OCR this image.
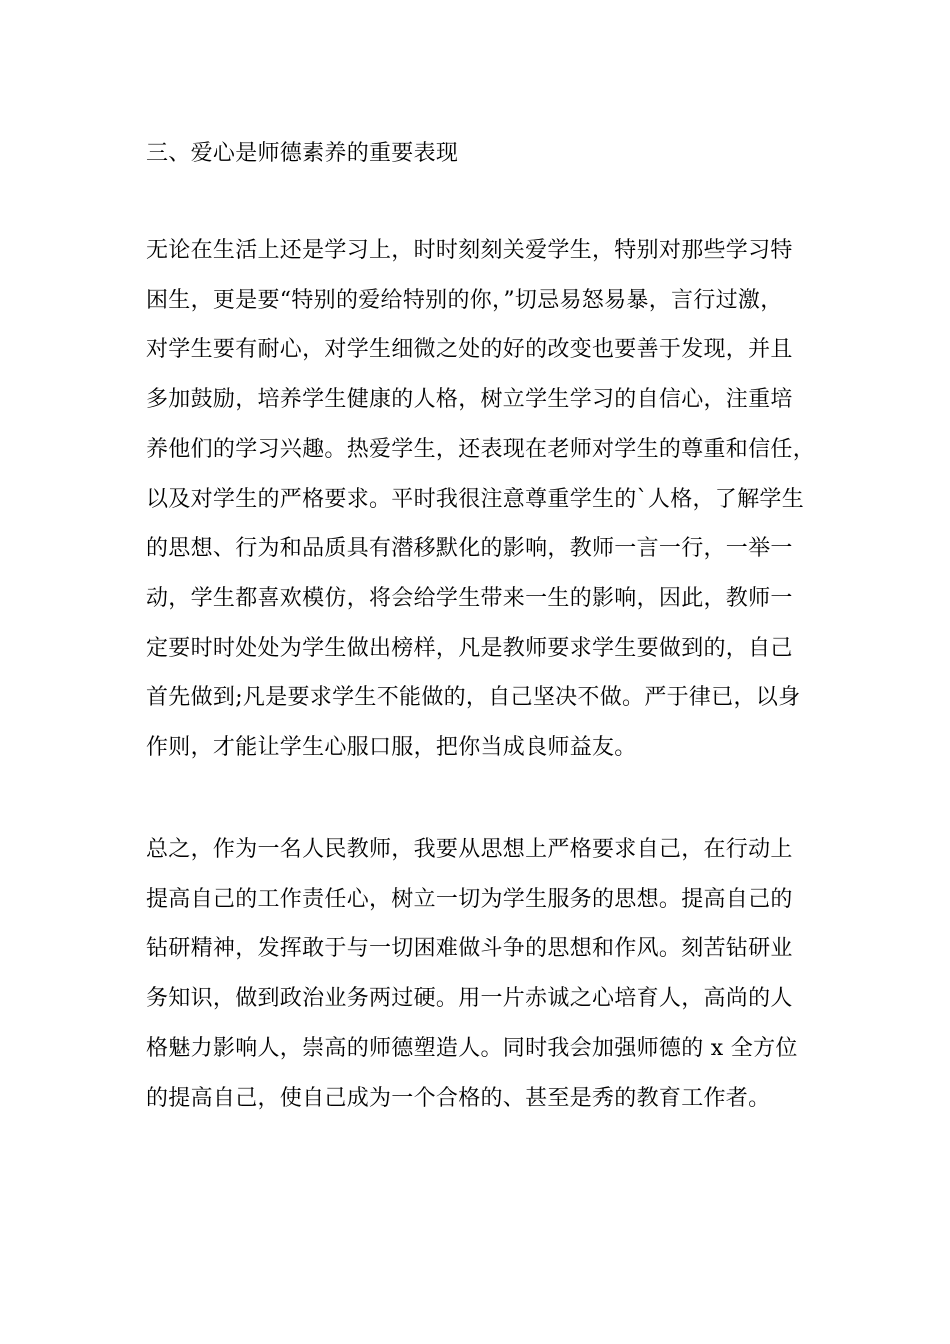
三、爱心是师德素养的重要表现
无论在生活上还是学习上，时时刻刻关爱学生，特别对那些学习特
困生，更是要“特别的爱给特别的你，”切忌易怒易暴，言行过激，
对学生要有耐心，对学生细微之处的好的改变也要善于发现，并且
多加鼓励，培养学生健康的人格，树立学生学习的自信心，注重培
养他们的学习兴趣。热爱学生，还表现在老师对学生的尊重和信任，
以及对学生的严格要求。平时我很注意尊重学生的`人格，了解学生
的思想、行为和品质具有潜移默化的影响，教师一言一行，一举一
动，学生都喜欢模仿，将会给学生带来一生的影响，因此，教师一
定要时时处处为学生做出榜样，凡是教师要求学生要做到的，自己
首先做到;凡是要求学生不能做的，自己坚决不做。严于律已，以身
作则，才能让学生心服口服，把你当成良师益友。
总之，作为一名人民教师，我要从思想上严格要求自己，在行动上
提高自己的工作责任心，树立一切为学生服务的思想。提高自己的
钻研精神，发挥敢于与一切困难做斗争的思想和作风。刻苦钻研业
务知识，做到政治业务两过硬。用一片赤诚之心培育人，高尚的人
格魅力影响人，崇高的师德塑造人。同时我会加强师德的 x 全方位
的提高自己，使自己成为一个合格的、甚至是秀的教育工作者。
